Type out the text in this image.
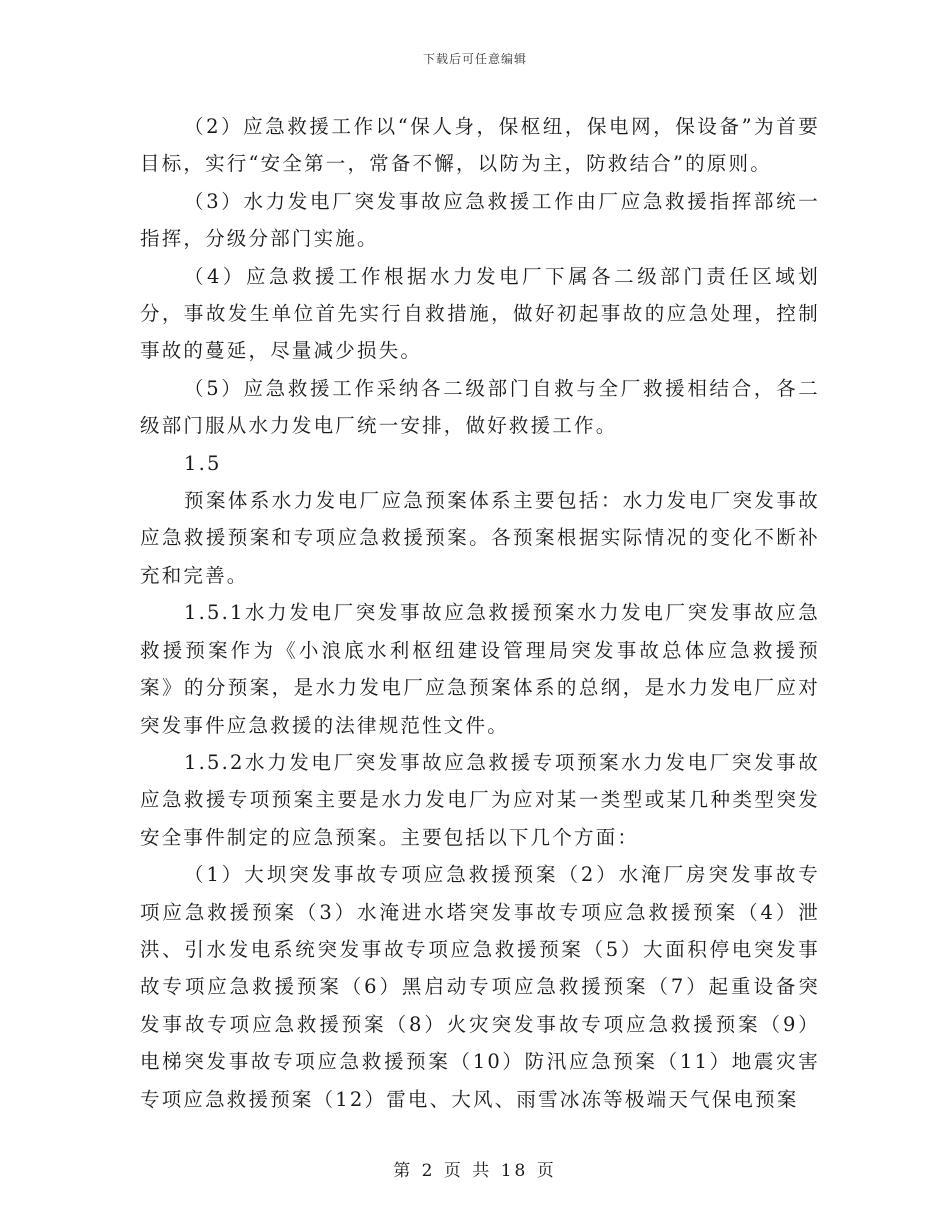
下载后可任意编辑

（2）应急救援工作以“保人身，保枢纽，保电网，保设备”为首要目标，实行“安全第一，常备不懈，以防为主，防救结合”的原则。

（3）水力发电厂突发事故应急救援工作由厂应急救援指挥部统一指挥，分级分部门实施。

（4）应急救援工作根据水力发电厂下属各二级部门责任区域划分，事故发生单位首先实行自救措施，做好初起事故的应急处理，控制事故的蔓延，尽量减少损失。

（5）应急救援工作采纳各二级部门自救与全厂救援相结合，各二级部门服从水力发电厂统一安排，做好救援工作。

1.5

预案体系水力发电厂应急预案体系主要包括：水力发电厂突发事故应急救援预案和专项应急救援预案。各预案根据实际情况的变化不断补充和完善。

1.5.1水力发电厂突发事故应急救援预案水力发电厂突发事故应急救援预案作为《小浪底水利枢纽建设管理局突发事故总体应急救援预案》的分预案，是水力发电厂应急预案体系的总纲，是水力发电厂应对突发事件应急救援的法律规范性文件。

1.5.2水力发电厂突发事故应急救援专项预案水力发电厂突发事故应急救援专项预案主要是水力发电厂为应对某一类型或某几种类型突发安全事件制定的应急预案。主要包括以下几个方面：

（1）大坝突发事故专项应急救援预案（2）水淹厂房突发事故专项应急救援预案（3）水淹进水塔突发事故专项应急救援预案（4）泄洪、引水发电系统突发事故专项应急救援预案（5）大面积停电突发事故专项应急救援预案（6）黑启动专项应急救援预案（7）起重设备突发事故专项应急救援预案（8）火灾突发事故专项应急救援预案（9）电梯突发事故专项应急救援预案（10）防汛应急预案（11）地震灾害专项应急救援预案（12）雷电、大风、雨雪冰冻等极端天气保电预案

第 2 页 共 18 页
